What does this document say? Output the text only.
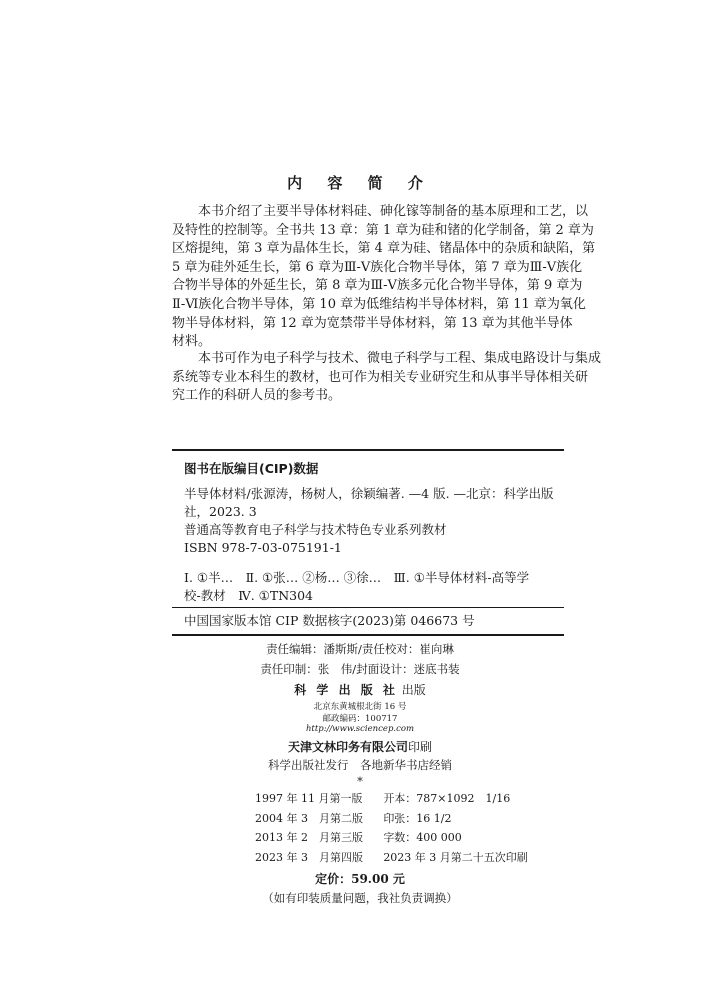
内 容 简 介

　　本书介绍了主要半导体材料硅、砷化镓等制备的基本原理和工艺，以

及特性的控制等。全书共 13 章：第 1 章为硅和锗的化学制备，第 2 章为

区熔提纯，第 3 章为晶体生长，第 4 章为硅、锗晶体中的杂质和缺陷，第

5 章为硅外延生长，第 6 章为Ⅲ-Ⅴ族化合物半导体，第 7 章为Ⅲ-Ⅴ族化

合物半导体的外延生长，第 8 章为Ⅲ-Ⅴ族多元化合物半导体，第 9 章为

Ⅱ-Ⅵ族化合物半导体，第 10 章为低维结构半导体材料，第 11 章为氧化

物半导体材料，第 12 章为宽禁带半导体材料，第 13 章为其他半导体

材料。

　　本书可作为电子科学与技术、微电子科学与工程、集成电路设计与集成

系统等专业本科生的教材，也可作为相关专业研究生和从事半导体相关研

究工作的科研人员的参考书。

图书在版编目(CIP)数据

半导体材料/张源涛，杨树人，徐颖编著. —4 版. —北京：科学出版

社，2023. 3

普通高等教育电子科学与技术特色专业系列教材

ISBN 978-7-03-075191-1

Ⅰ. ①半…　Ⅱ. ①张… ②杨… ③徐…　Ⅲ. ①半导体材料-高等学

校-教材　Ⅳ. ①TN304

中国国家版本馆 CIP 数据核字(2023)第 046673 号

责任编辑：潘斯斯/责任校对：崔向琳
责任印制：张　伟/封面设计：迷底书装
科 学 出 版 社 出版
北京东黄城根北街 16 号
邮政编码：100717
http://www.sciencep.com
天津文林印务有限公司印刷
科学出版社发行　各地新华书店经销
*
1997 年 11 月第一版	开本：787×1092　1/16
2004 年 3　月第二版	印张：16 1/2
2013 年 2　月第三版	字数：400 000
2023 年 3　月第四版	2023 年 3 月第二十五次印刷
定价：59.00 元
（如有印装质量问题，我社负责调换）
